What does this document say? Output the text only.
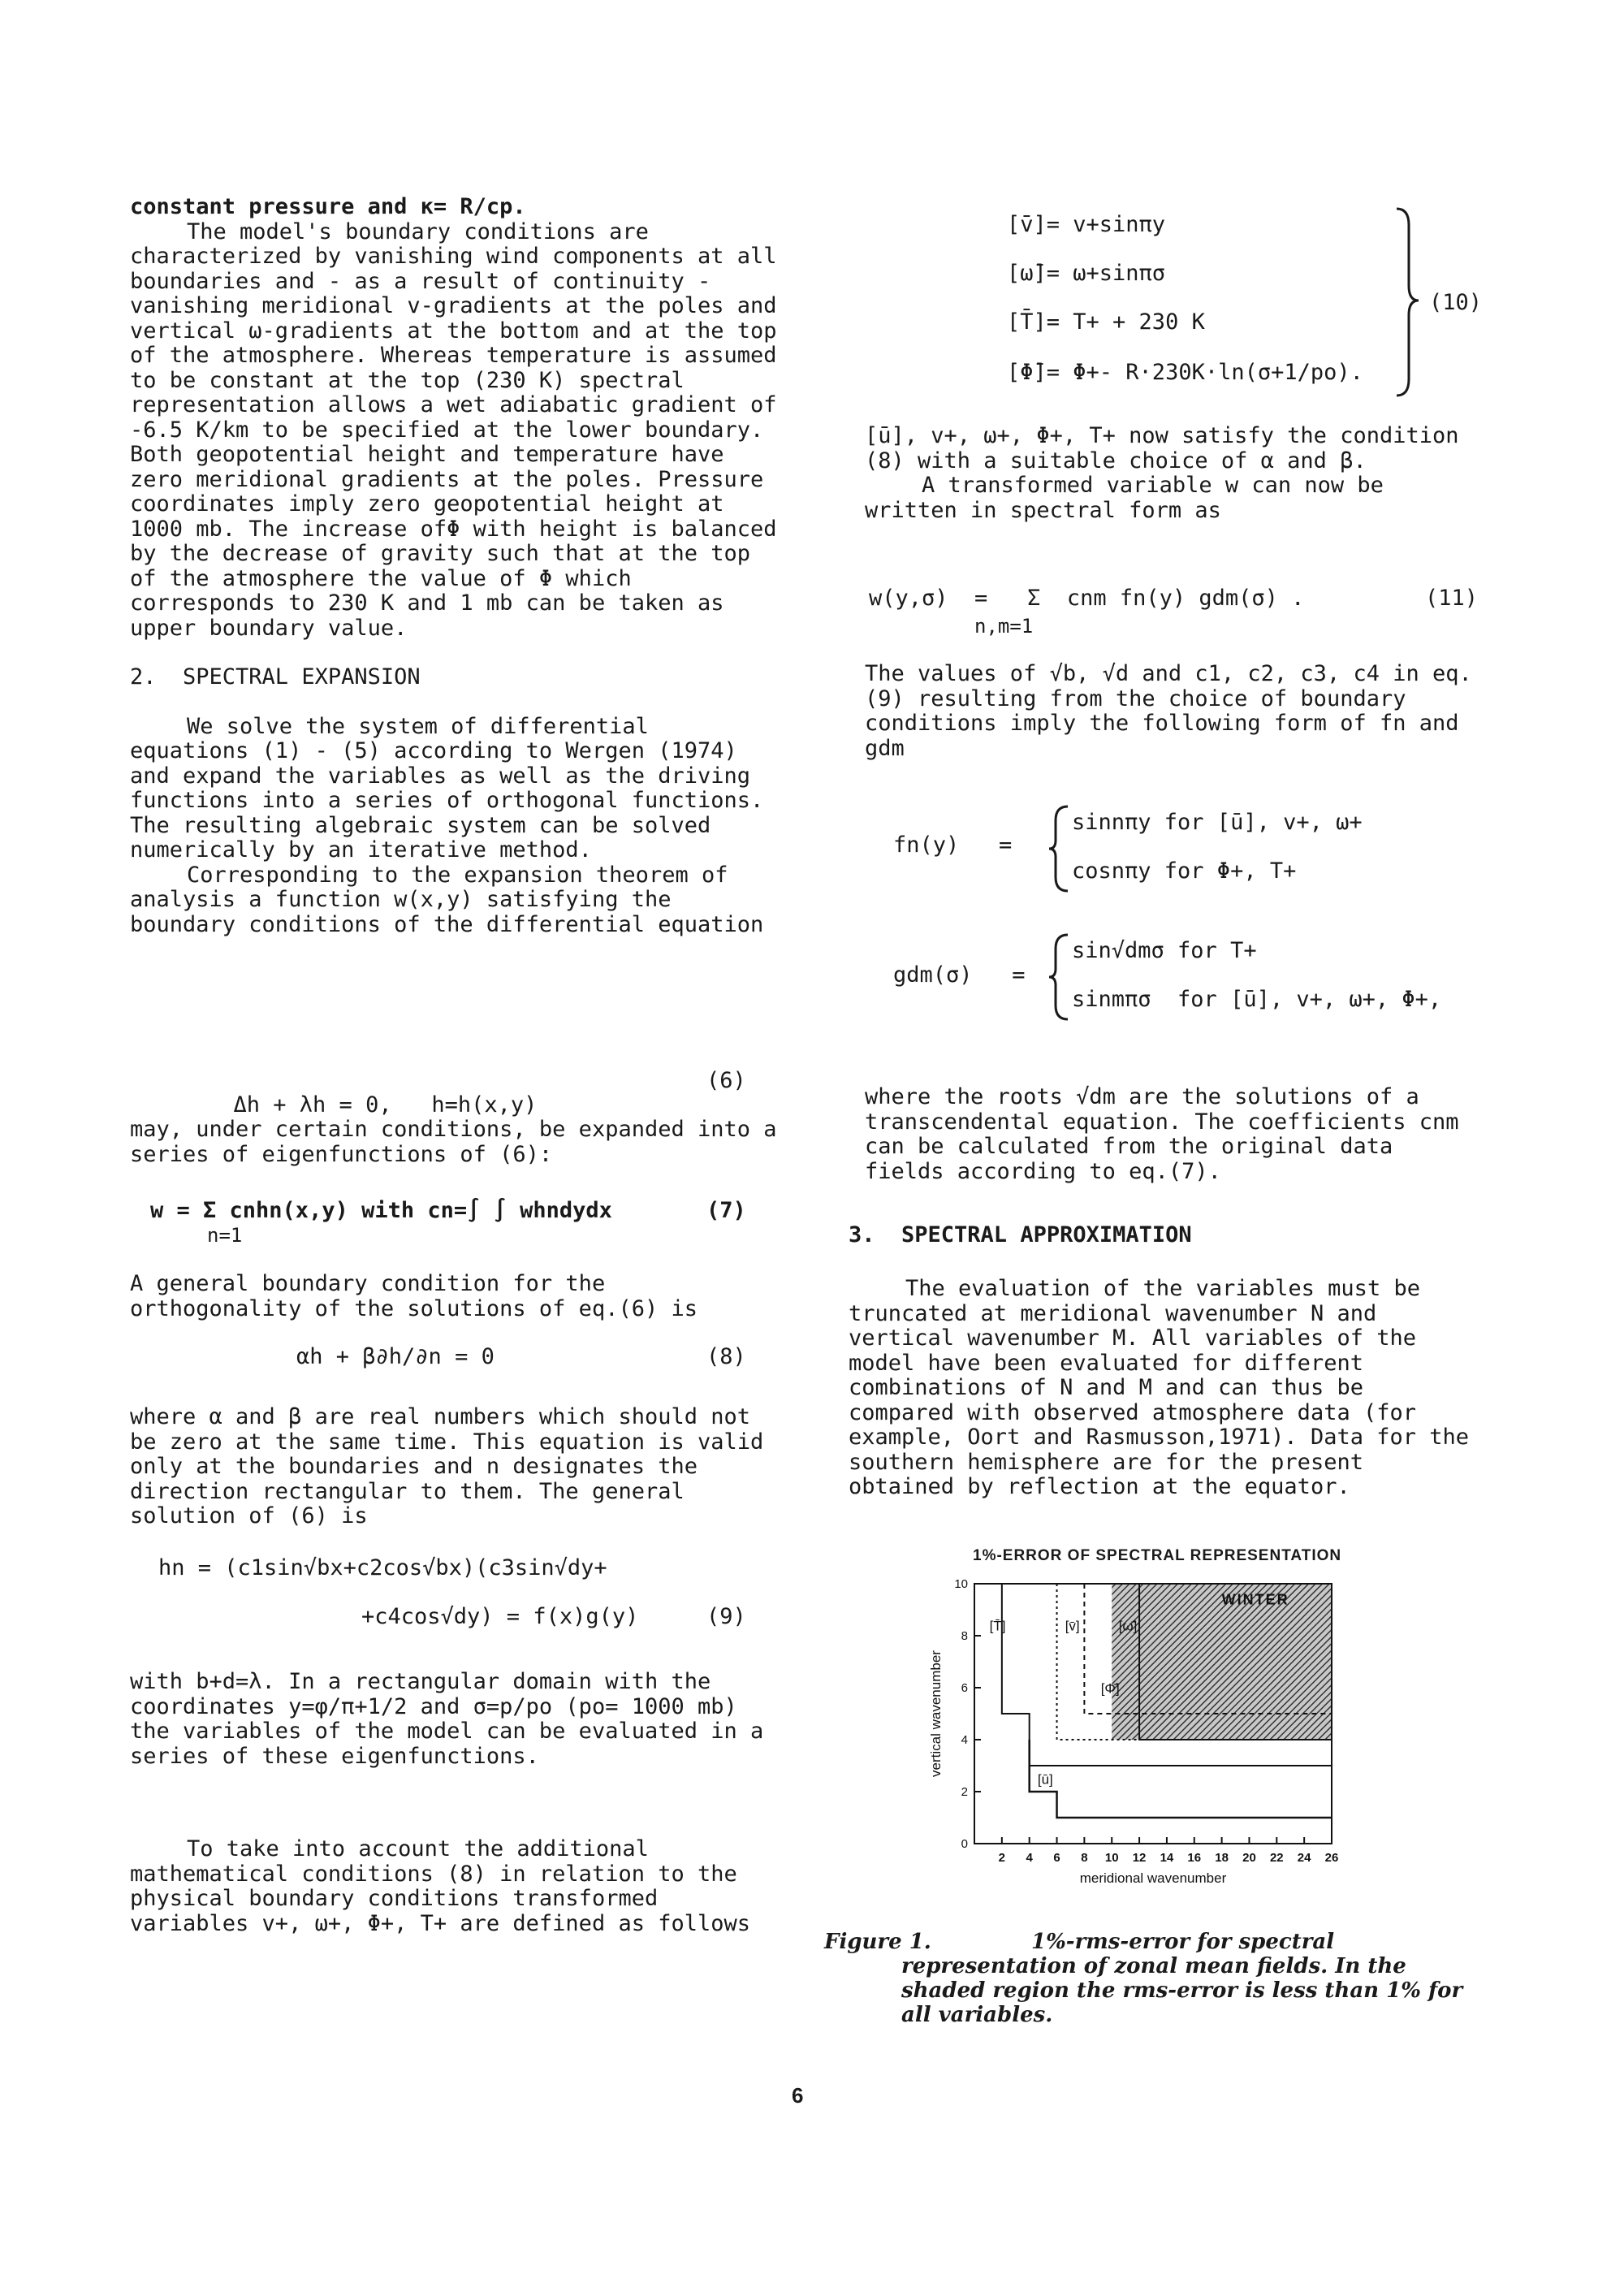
constant pressure and κ= R/cp.

The model's boundary conditions are characterized by vanishing wind components at all boundaries and - as a result of continuity - vanishing meridional v-gradients at the poles and vertical ω-gradients at the bottom and at the top of the atmosphere. Whereas temperature is assumed to be constant at the top (230 K) spectral representation allows a wet adiabatic gradient of -6.5 K/km to be specified at the lower boundary. Both geopotential height and temperature have zero meridional gradients at the poles. Pressure coordinates imply zero geopotential height at 1000 mb. The increase ofΦ with height is balanced by the decrease of gravity such that at the top of the atmosphere the value of Φ which corresponds to 230 K and 1 mb can be taken as upper boundary value.

2.  SPECTRAL EXPANSION

We solve the system of differential equations (1) - (5) according to Wergen (1974) and expand the variables as well as the driving functions into a series of orthogonal functions. The resulting algebraic system can be solved numerically by an iterative method.

Corresponding to the expansion theorem of analysis a function w(x,y) satisfying the boundary conditions of the differential equation

Δh + λh = 0,   h=h(x,y)

(6)

may, under certain conditions, be expanded into a series of eigenfunctions of (6):

w = Σ cnhn(x,y) with cn=∫ ∫ whndydx
n=1
(7)

A general boundary condition for the orthogonality of the solutions of eq.(6) is

αh + β∂h/∂n = 0	(8)

where α and β are real numbers which should not be zero at the same time. This equation is valid only at the boundaries and n designates the direction rectangular to them. The general solution of (6) is

hn = (c1sin√bx+c2cos√bx)(c3sin√dy+
+c4cos√dy) = f(x)g(y)	(9)

with b+d=λ. In a rectangular domain with the coordinates y=φ/π+1/2 and σ=p/po (po= 1000 mb) the variables of the model can be evaluated in a series of these eigenfunctions.

To take into account the additional mathematical conditions (8) in relation to the physical boundary conditions transformed variables v+, ω+, Φ+, T+ are defined as follows

[v̄]= v+sinπy
[ω̄]= ω+sinπσ
[T̄]= T+ + 230 K
[Φ̄]= Φ+- R·230K·ln(σ+1/po).
(10)

[ū], v+, ω+, Φ+, T+ now satisfy the condition (8) with a suitable choice of α and β.

A transformed variable w can now be written in spectral form as

w(y,σ)  =   Σ  cnm fn(y) gdm(σ) .
n,m=1
(11)

The values of √b, √d and c1, c2, c3, c4 in eq. (9) resulting from the choice of boundary conditions imply the following form of fn and gdm

fn(y)   =
sinnπy for [ū], v+, ω+
cosnπy for Φ+, T+
gdm(σ)   =
sin√dmσ for T+
sinmπσ  for [ū], v+, ω+, Φ+,

where the roots √dm are the solutions of a transcendental equation. The coefficients cnm can be calculated from the original data fields according to eq.(7).

3.  SPECTRAL APPROXIMATION

The evaluation of the variables must be truncated at meridional wavenumber N and vertical wavenumber M. All variables of the model have been evaluated for different combinations of N and M and can thus be compared with observed atmosphere data (for example, Oort and Rasmusson,1971). Data for the southern hemisphere are for the present obtained by reflection at the equator.

1%-ERROR OF SPECTRAL REPRESENTATION
WINTER
[T̄]	[v̄]	[ω̄]
[Φ̄]
[ū]
2 4 6 8 10 12 14 16 18 20 22 24 26
0
2
4
6
8
10
meridional wavenumber
vertical wavenumber
Figure 1.	1%-rms-error for spectral representation of zonal mean fields. In the shaded region the rms-error is less than 1% for all variables.
6
